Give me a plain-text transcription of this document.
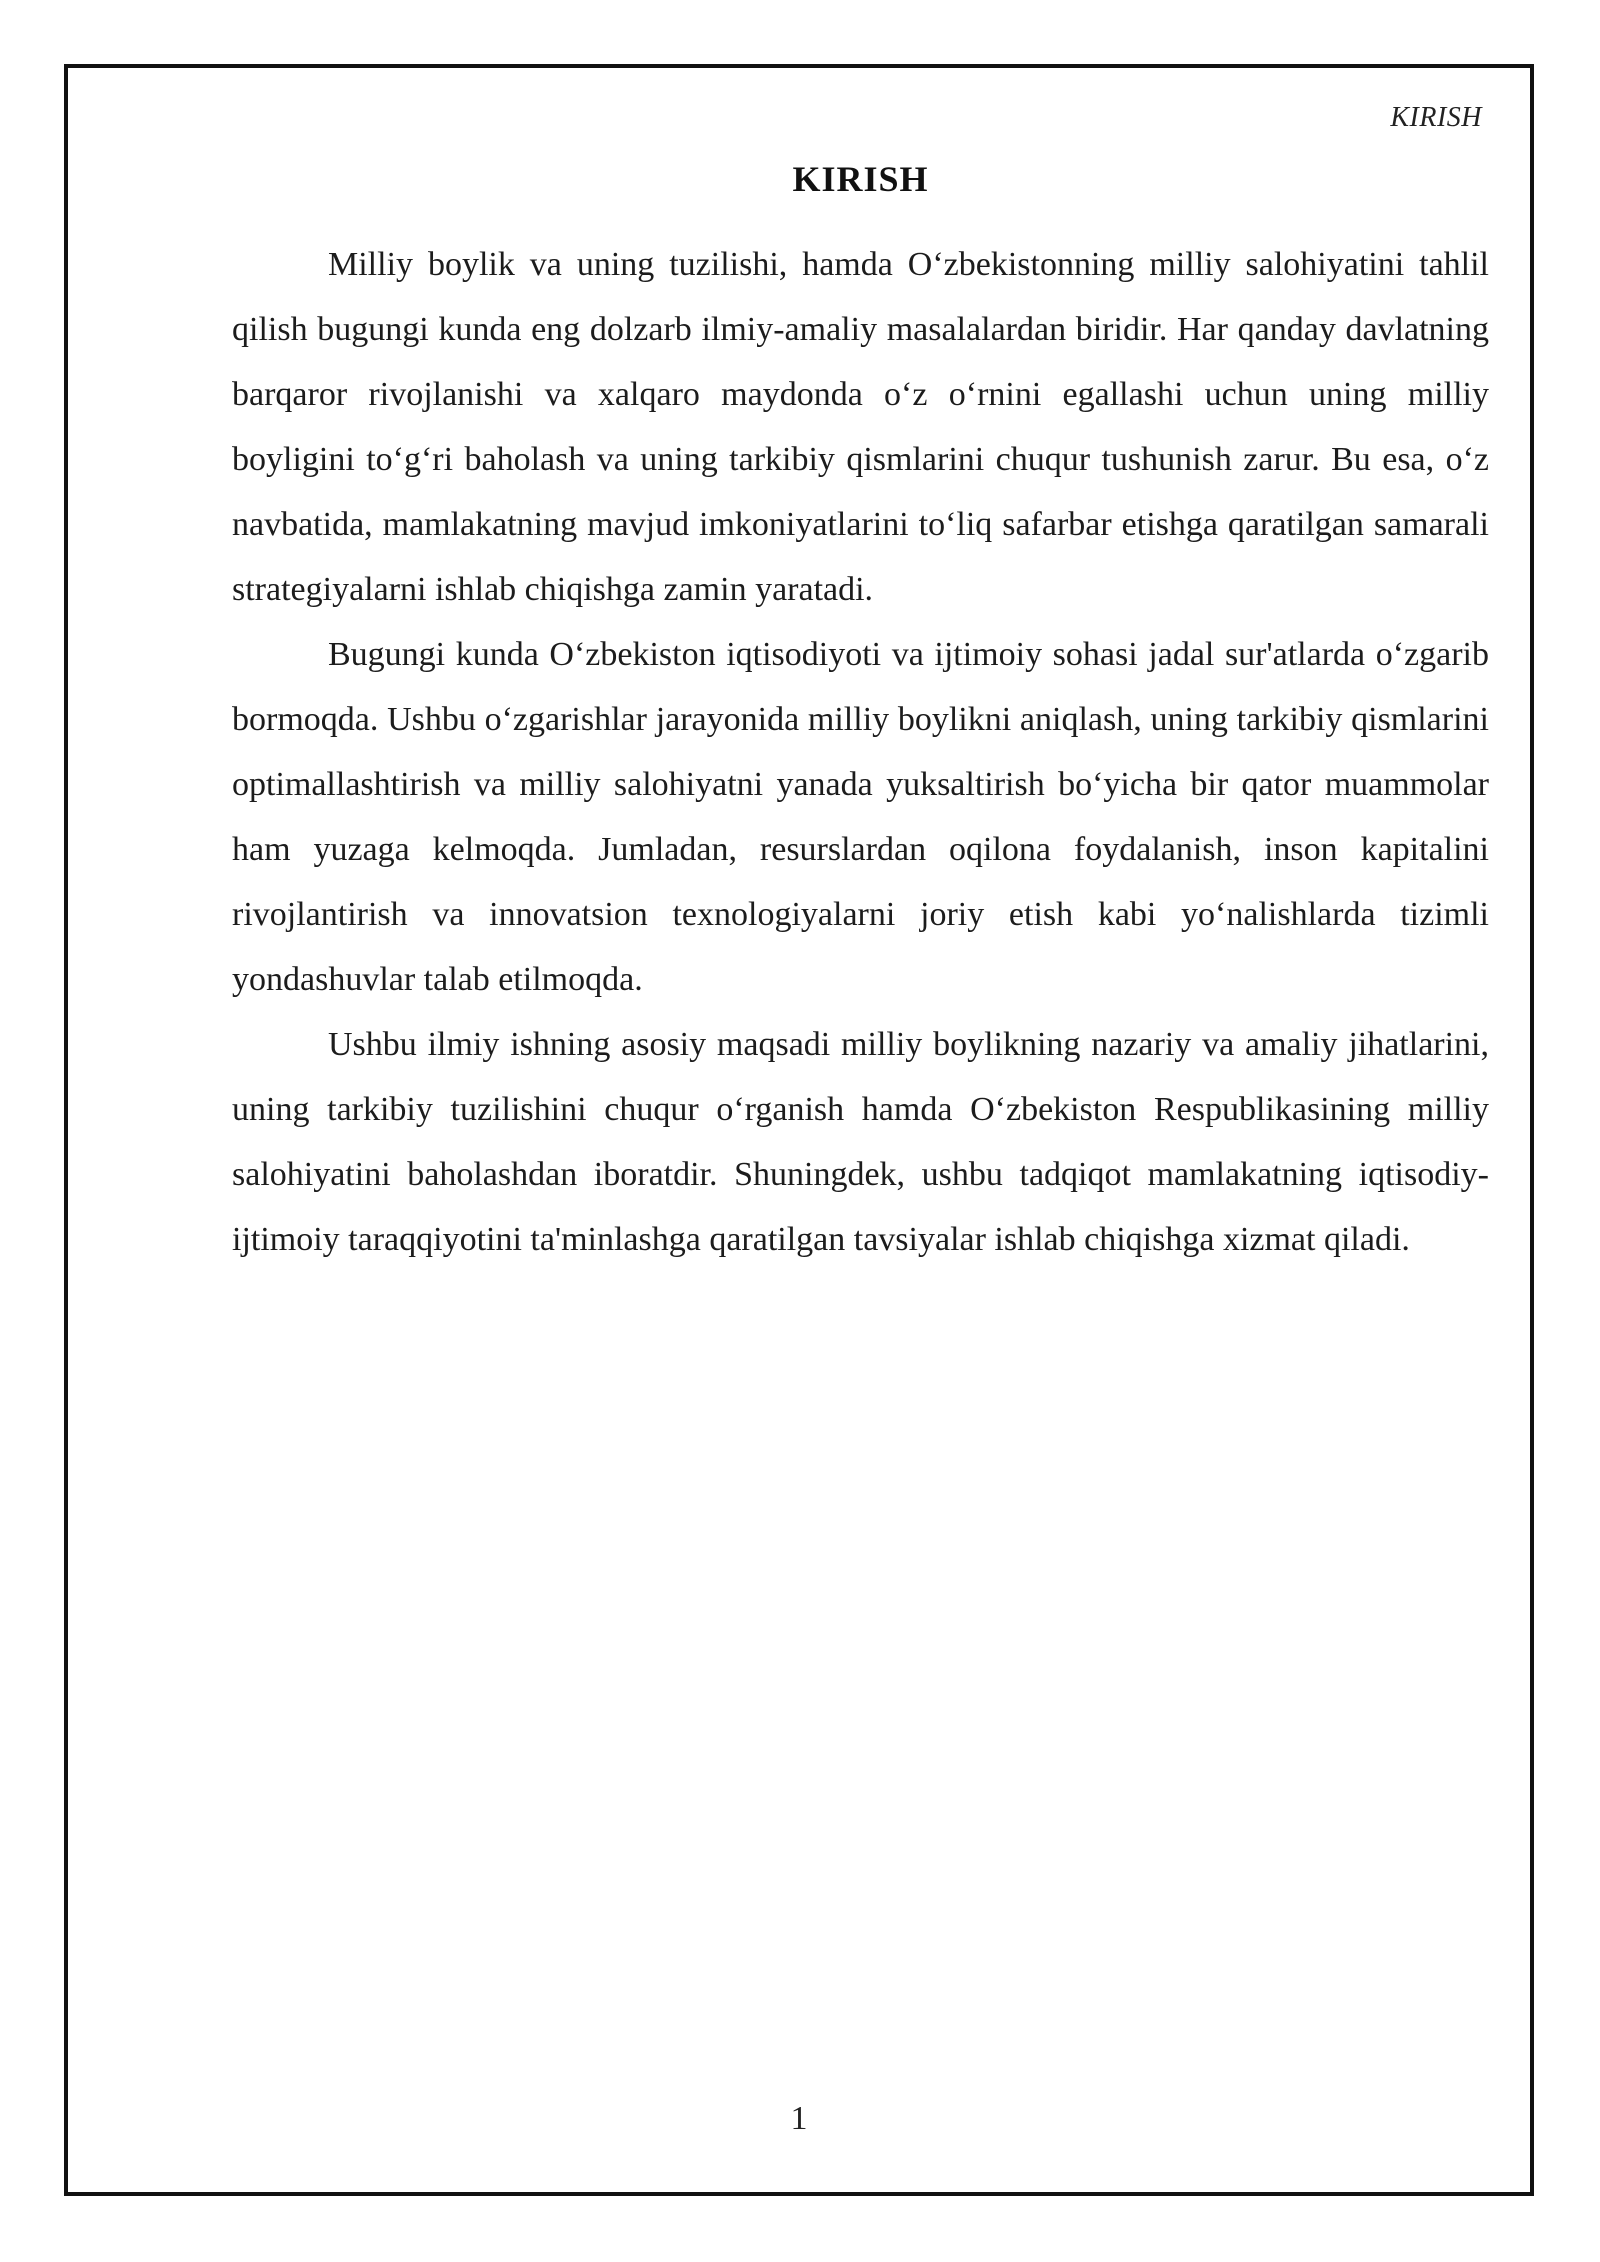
KIRISH
KIRISH

Milliy boylik va uning tuzilishi, hamda O‘zbekistonning milliy salohiyatini tahlil qilish bugungi kunda eng dolzarb ilmiy-amaliy masalalardan biridir. Har qanday davlatning barqaror rivojlanishi va xalqaro maydonda o‘z o‘rnini egallashi uchun uning milliy boyligini to‘g‘ri baholash va uning tarkibiy qismlarini chuqur tushunish zarur. Bu esa, o‘z navbatida, mamlakatning mavjud imkoniyatlarini to‘liq safarbar etishga qaratilgan samarali strategiyalarni ishlab chiqishga zamin yaratadi.

Bugungi kunda O‘zbekiston iqtisodiyoti va ijtimoiy sohasi jadal sur'atlarda o‘zgarib bormoqda. Ushbu o‘zgarishlar jarayonida milliy boylikni aniqlash, uning tarkibiy qismlarini optimallashtirish va milliy salohiyatni yanada yuksaltirish bo‘yicha bir qator muammolar ham yuzaga kelmoqda. Jumladan, resurslardan oqilona foydalanish, inson kapitalini rivojlantirish va innovatsion texnologiyalarni joriy etish kabi yo‘nalishlarda tizimli yondashuvlar talab etilmoqda.

Ushbu ilmiy ishning asosiy maqsadi milliy boylikning nazariy va amaliy jihatlarini, uning tarkibiy tuzilishini chuqur o‘rganish hamda O‘zbekiston Respublikasining milliy salohiyatini baholashdan iboratdir. Shuningdek, ushbu tadqiqot mamlakatning iqtisodiy-ijtimoiy taraqqiyotini ta'minlashga qaratilgan tavsiyalar ishlab chiqishga xizmat qiladi.

1
